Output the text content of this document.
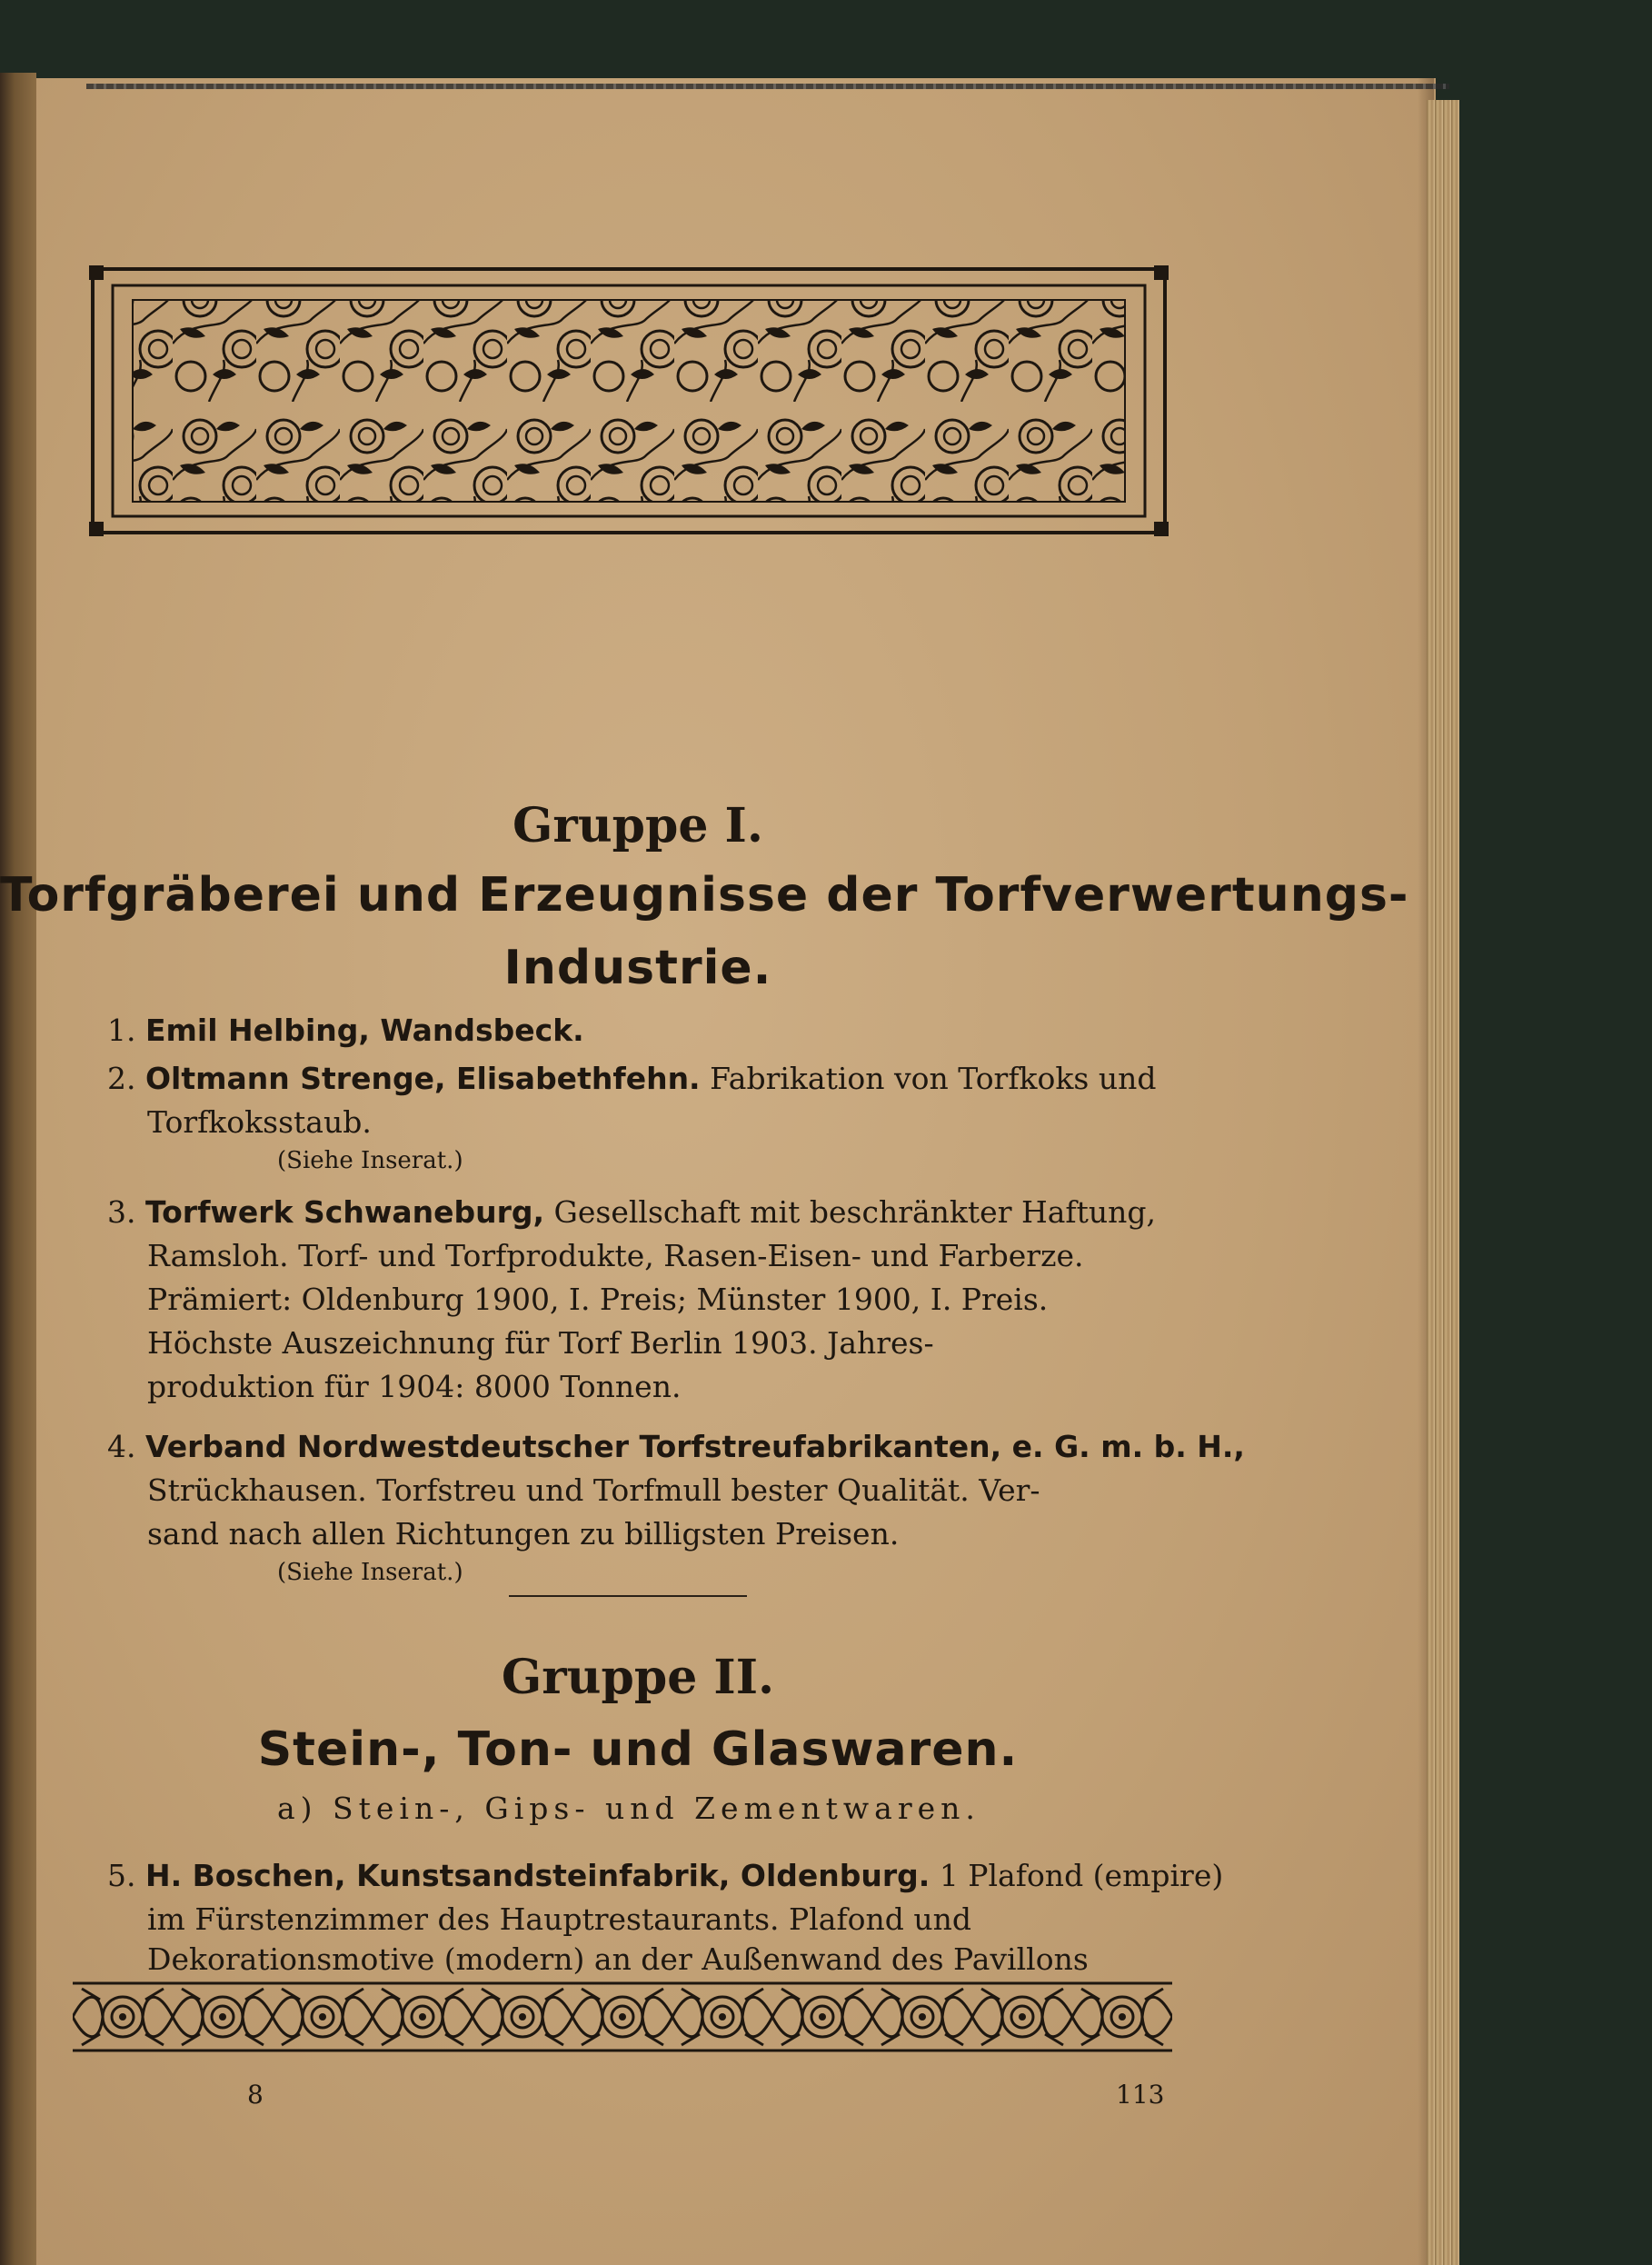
Gruppe I.
Torfgräberei und Erzeugnisse der Torfverwertungs-
Industrie.
1. Emil Helbing, Wandsbeck.
2. Oltmann Strenge, Elisabethfehn. Fabrikation von Torfkoks und
Torfkoksstaub.
(Siehe Inserat.)
3. Torfwerk Schwaneburg, Gesellschaft mit beschränkter Haftung,
Ramsloh. Torf- und Torfprodukte, Rasen-Eisen- und Farberze.
Prämiert: Oldenburg 1900, I. Preis; Münster 1900, I. Preis.
Höchste Auszeichnung für Torf Berlin 1903. Jahres-
produktion für 1904: 8000 Tonnen.
4. Verband Nordwestdeutscher Torfstreufabrikanten, e. G. m. b. H.,
Strückhausen. Torfstreu und Torfmull bester Qualität. Ver-
sand nach allen Richtungen zu billigsten Preisen.
(Siehe Inserat.)
Gruppe II.
Stein-, Ton- und Glaswaren.
a) Stein-, Gips- und Zementwaren.
5. H. Boschen, Kunstsandsteinfabrik, Oldenburg. 1 Plafond (empire)
im Fürstenzimmer des Hauptrestaurants. Plafond und
Dekorationsmotive (modern) an der Außenwand des Pavillons
8	113
